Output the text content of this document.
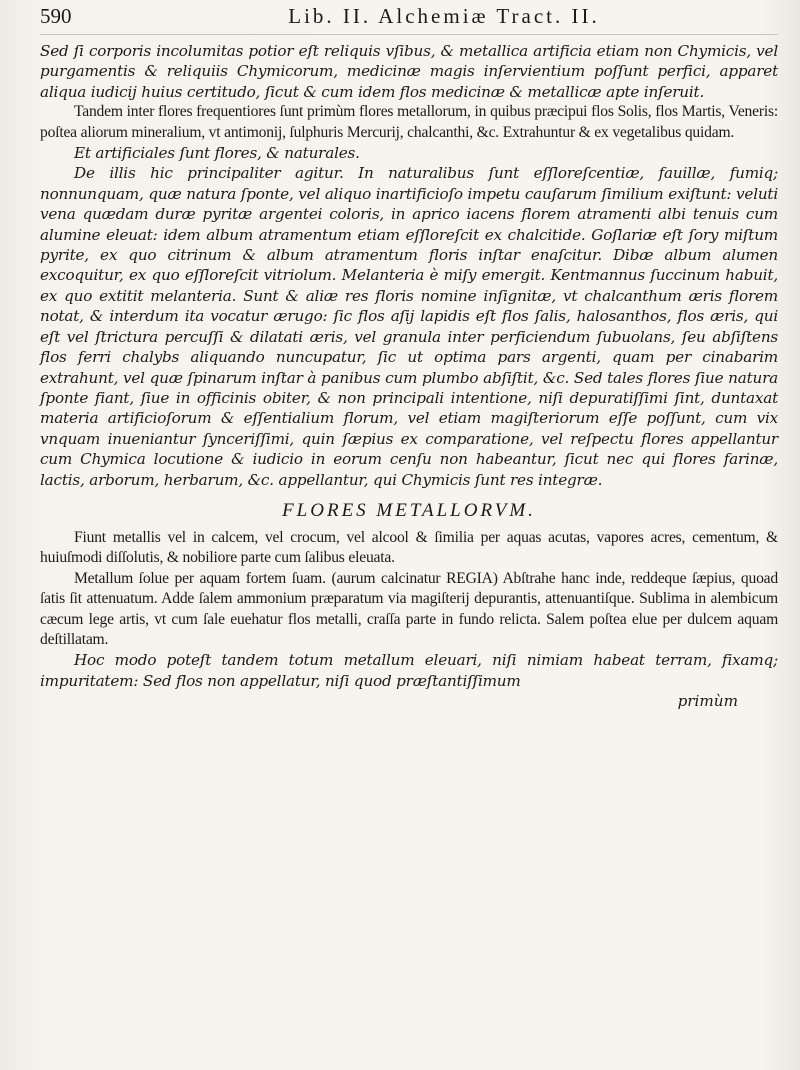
590	Lib. II. Alchemiæ Tract. II.

Sed ſi corporis incolumitas potior eſt reliquis vſibus, & metallica artificia etiam non Chymicis, vel purgamentis & reliquiis Chymicorum, medicinæ magis inſervientium poſſunt perfici, apparet aliqua iudicij huius certitudo, ſicut & cum idem flos medicinæ & metallicæ apte inſeruit.

Tandem inter flores frequentiores ſunt primùm flores metallorum, in quibus præcipui flos Solis, flos Martis, Veneris: poſtea aliorum mineralium, vt antimonij, ſulphuris Mercurij, chalcanthi, &c. Extrahuntur & ex vegetalibus quidam.

Et artificiales ſunt flores, & naturales.

De illis hic principaliter agitur. In naturalibus ſunt eſſloreſcentiæ, fauillæ, fumiq; nonnunquam, quæ natura ſponte, vel aliquo inartificioſo impetu cauſarum ſimilium exiſtunt: veluti vena quædam duræ pyritæ argentei coloris, in aprico iacens florem atramenti albi tenuis cum alumine eleuat: idem album atramentum etiam eſſloreſcit ex chalcitide. Goſlariæ eſt ſory miſtum pyrite, ex quo citrinum & album atramentum floris inſtar enaſcitur. Dibæ album alumen excoquitur, ex quo eſſloreſcit vitriolum. Melanteria è miſy emergit. Kentmannus ſuccinum habuit, ex quo extitit melanteria. Sunt & aliæ res floris nomine inſignitæ, vt chalcanthum æris florem notat, & interdum ita vocatur ærugo: ſic flos aſij lapidis eſt flos ſalis, halosanthos, flos æris, qui eſt vel ſtrictura percuſſi & dilatati æris, vel granula inter perficiendum ſubuolans, ſeu abſiſtens flos ferri chalybs aliquando nuncupatur, ſic ut optima pars argenti, quam per cinabarim extrahunt, vel quæ ſpinarum inſtar à panibus cum plumbo abſiſtit, &c. Sed tales flores ſiue natura ſponte fiant, ſiue in officinis obiter, & non principali intentione, niſi depuratiſſimi ſint, duntaxat materia artificioſorum & eſſentialium florum, vel etiam magiſteriorum eſſe poſſunt, cum vix vnquam inueniantur ſynceriſſimi, quin ſæpius ex comparatione, vel reſpectu flores appellantur cum Chymica locutione & iudicio in eorum cenſu non habeantur, ſicut nec qui flores farinæ, lactis, arborum, herbarum, &c. appellantur, qui Chymicis ſunt res integræ.

FLORES METALLORVM.

Fiunt metallis vel in calcem, vel crocum, vel alcool & ſimilia per aquas acutas, vapores acres, cementum, & huiuſmodi diſſolutis, & nobiliore parte cum ſalibus eleuata.

Metallum ſolue per aquam fortem ſuam. (aurum calcinatur REGIA) Abſtrahe hanc inde, reddeque ſæpius, quoad ſatis ſit attenuatum. Adde ſalem ammonium præparatum via magiſterij depurantis, attenuantiſque. Sublima in alembicum cæcum lege artis, vt cum ſale euehatur flos metalli, craſſa parte in fundo relicta. Salem poſtea elue per dulcem aquam deſtillatam.

Hoc modo poteſt tandem totum metallum eleuari, niſi nimiam habeat terram, fixamq; impuritatem: Sed flos non appellatur, niſi quod præſtantiſſimum

primùm
